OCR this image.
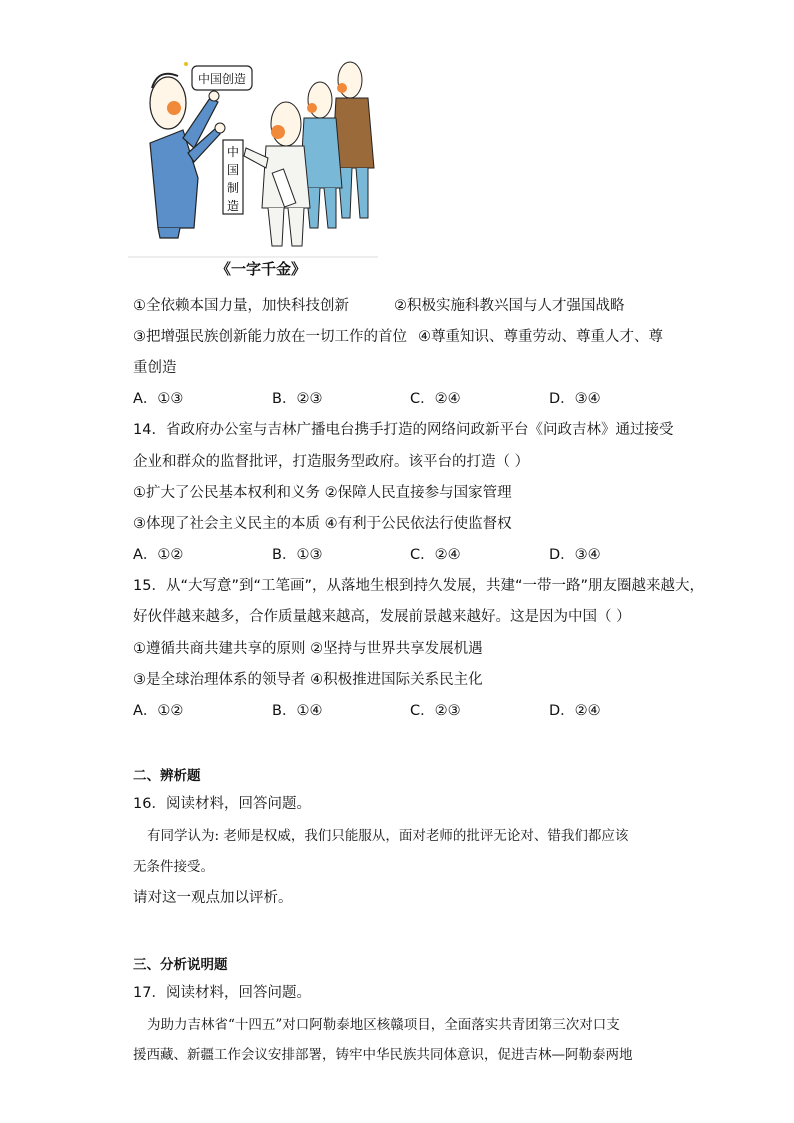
中国创造
中
国
制
造
《一字千金》
①全依赖本国力量，加快科技创新	②积极实施科教兴国与人才强国战略
③把增强民族创新能力放在一切工作的首位 ④尊重知识、尊重劳动、尊重人才、尊
重创造
A．①③	B．②③	C．②④	D．③④
14．省政府办公室与吉林广播电台携手打造的网络问政新平台《问政吉林》通过接受
企业和群众的监督批评，打造服务型政府。该平台的打造（ ）
①扩大了公民基本权利和义务 ②保障人民直接参与国家管理
③体现了社会主义民主的本质 ④有利于公民依法行使监督权
A．①②	B．①③	C．②④	D．③④
15．从“大写意”到“工笔画”，从落地生根到持久发展，共建“一带一路”朋友圈越来越大，
好伙伴越来越多，合作质量越来越高，发展前景越来越好。这是因为中国（ ）
①遵循共商共建共享的原则 ②坚持与世界共享发展机遇
③是全球治理体系的领导者 ④积极推进国际关系民主化
A．①②	B．①④	C．②③	D．②④
二、辨析题
16．阅读材料，回答问题。
有同学认为: 老师是权威，我们只能服从，面对老师的批评无论对、错我们都应该
无条件接受。
请对这一观点加以评析。
三、分析说明题
17．阅读材料，回答问题。
为助力吉林省“十四五”对口阿勒泰地区核赣项目，全面落实共青团第三次对口支
援西藏、新疆工作会议安排部署，铸牢中华民族共同体意识，促进吉林—阿勒泰两地
